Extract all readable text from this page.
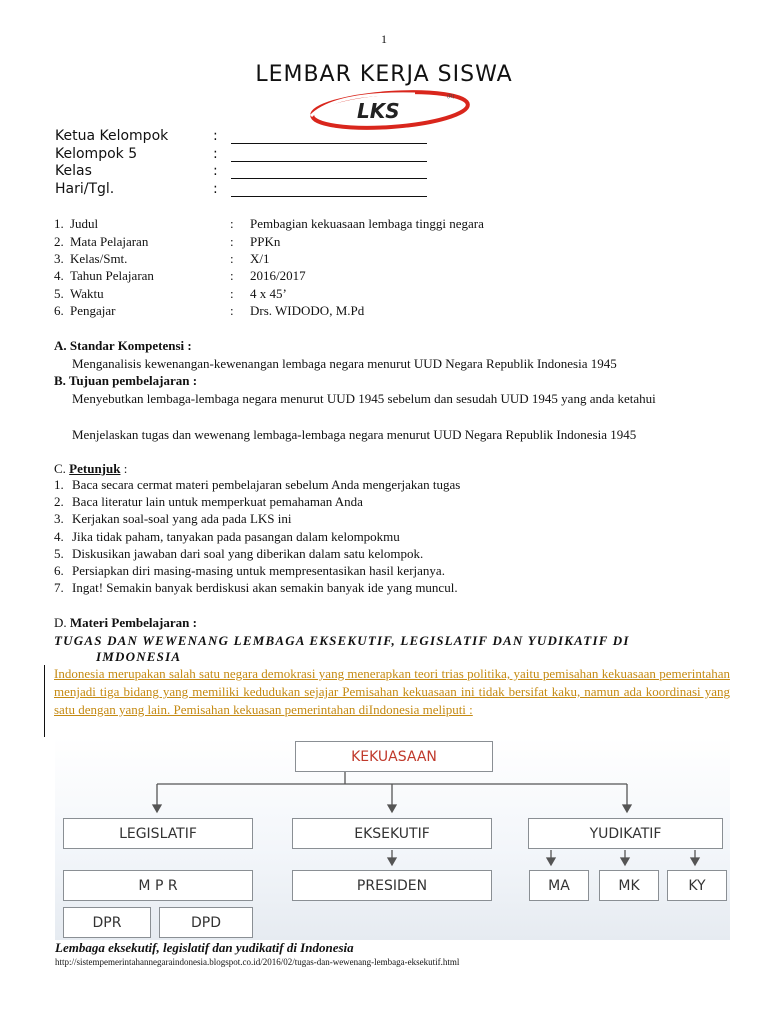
1
LEMBAR KERJA SISWA
LKS
(R)
Ketua Kelompok	:
Kelompok 5	:
Kelas	:
Hari/Tgl.	:
1. Judul	: Pembagian kekuasaan lembaga tinggi negara
2. Mata Pelajaran	: PPKn
3. Kelas/Smt.	: X/1
4. Tahun Pelajaran	: 2016/2017
5. Waktu	: 4 x 45’
6. Pengajar	: Drs. WIDODO, M.Pd
A. Standar Kompetensi :
Menganalisis kewenangan-kewenangan lembaga negara menurut UUD Negara Republik Indonesia 1945
B. Tujuan pembelajaran :
Menyebutkan lembaga-lembaga negara menurut UUD 1945 sebelum dan sesudah UUD 1945 yang anda ketahui
Menjelaskan tugas dan wewenang lembaga-lembaga negara menurut UUD Negara Republik Indonesia 1945
C. Petunjuk :
1. Baca secara cermat materi pembelajaran sebelum Anda mengerjakan tugas
2. Baca literatur lain untuk memperkuat pemahaman Anda
3. Kerjakan soal-soal yang ada pada LKS ini
4. Jika tidak paham, tanyakan pada pasangan dalam kelompokmu
5. Diskusikan jawaban dari soal yang diberikan dalam satu kelompok.
6. Persiapkan diri masing-masing untuk mempresentasikan hasil kerjanya.
7. Ingat! Semakin banyak berdiskusi akan semakin banyak ide yang muncul.
D. Materi Pembelajaran :
TUGAS DAN WEWENANG LEMBAGA EKSEKUTIF, LEGISLATIF DAN YUDIKATIF DI
IMDONESIA
Indonesia merupakan salah satu negara demokrasi yang menerapkan teori trias politika, yaitu pemisahan kekuasaan pemerintahan menjadi tiga bidang yang memiliki kedudukan sejajar Pemisahan kekuasaan ini tidak bersifat kaku, namun ada koordinasi yang satu dengan yang lain. Pemisahan kekuasan pemerintahan diIndonesia meliputi :
KEKUASAAN
LEGISLATIF	EKSEKUTIF	YUDIKATIF
M P R	PRESIDEN	MA	MK	KY
DPR	DPD
Lembaga eksekutif, legislatif dan yudikatif di Indonesia
http://sistempemerintahannegaraindonesia.blogspot.co.id/2016/02/tugas-dan-wewenang-lembaga-eksekutif.html
